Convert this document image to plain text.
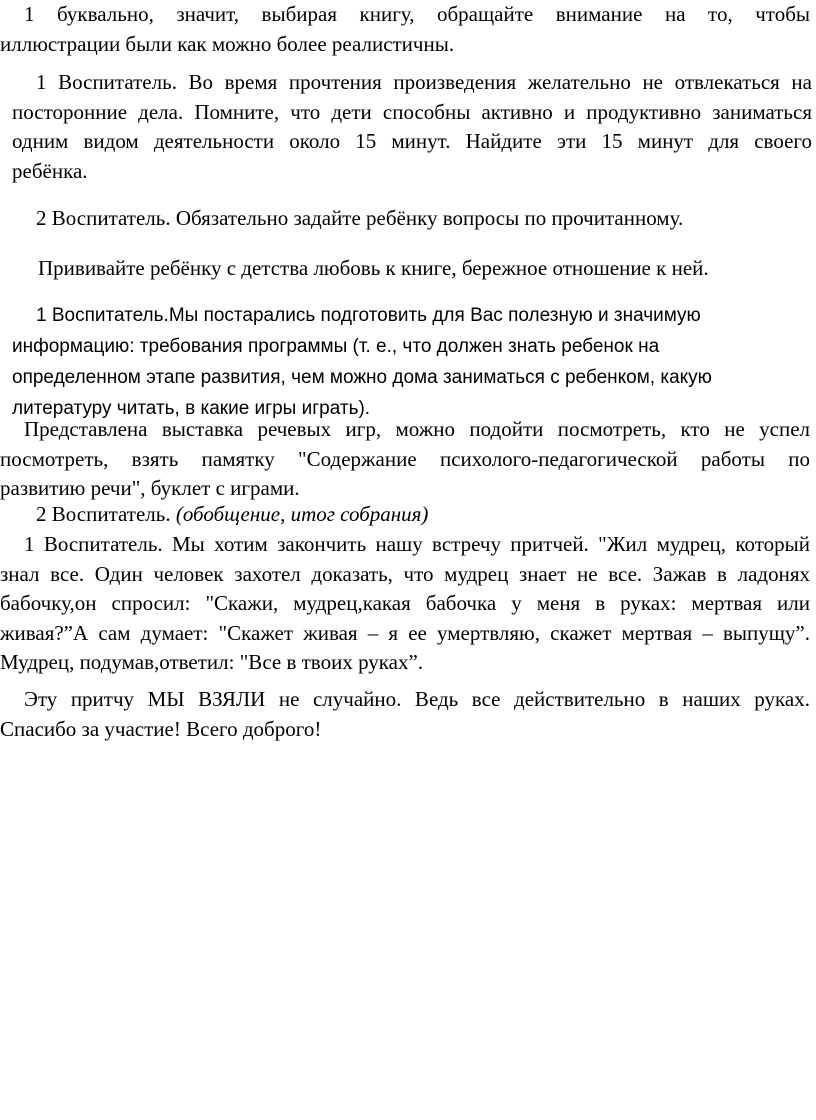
1 буквально, значит, выбирая книгу, обращайте внимание на то, чтобы
иллюстрации были как можно более реалистичны.
1 Воспитатель. Во время прочтения произведения желательно не отвлекаться на
посторонние дела. Помните, что дети способны активно и продуктивно заниматься
одним видом деятельности около 15 минут. Найдите эти 15 минут для своего
ребёнка.
2 Воспитатель. Обязательно задайте ребёнку вопросы по прочитанному.
Прививайте ребёнку с детства любовь к книге, бережное отношение к ней.
1 Воспитатель.Мы постарались подготовить для Вас полезную и значимую
информацию: требования программы (т. е., что должен знать ребенок на
определенном этапе развития, чем можно дома заниматься с ребенком, какую
литературу читать, в какие игры играть).
Представлена выставка речевых игр, можно подойти посмотреть, кто не успел
посмотреть, взять памятку "Содержание психолого-педагогической работы по
развитию речи", буклет с играми.
2 Воспитатель. (обобщение, итог собрания)
1 Воспитатель. Мы хотим закончить нашу встречу притчей. "Жил мудрец, который
знал все. Один человек захотел доказать, что мудрец знает не все. Зажав в ладонях
бабочку,он спросил: "Скажи, мудрец,какая бабочка у меня в руках: мертвая или
живая?”А сам думает: "Скажет живая – я ее умертвляю, скажет мертвая – выпущу”.
Мудрец, подумав,ответил: "Все в твоих руках”.
Эту притчу МЫ ВЗЯЛИ не случайно. Ведь все действительно в наших руках.
Спасибо за участие! Всего доброго!
